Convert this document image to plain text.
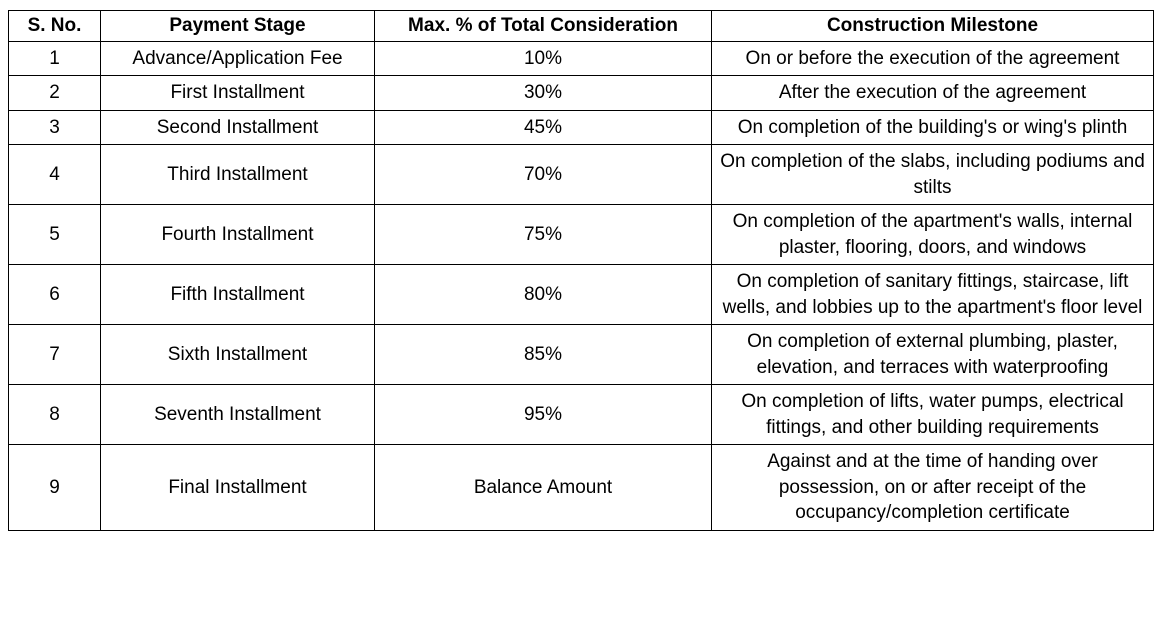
S. No.	Payment Stage	Max. % of Total Consideration	Construction Milestone
1	Advance/Application Fee	10%	On or before the execution of the agreement
2	First Installment	30%	After the execution of the agreement
3	Second Installment	45%	On completion of the building's or wing's plinth
4	Third Installment	70%	On completion of the slabs, including podiums and stilts
5	Fourth Installment	75%	On completion of the apartment's walls, internal plaster, flooring, doors, and windows
6	Fifth Installment	80%	On completion of sanitary fittings, staircase, lift wells, and lobbies up to the apartment's floor level
7	Sixth Installment	85%	On completion of external plumbing, plaster, elevation, and terraces with waterproofing
8	Seventh Installment	95%	On completion of lifts, water pumps, electrical fittings, and other building requirements
9	Final Installment	Balance Amount	Against and at the time of handing over possession, on or after receipt of the occupancy/completion certificate
